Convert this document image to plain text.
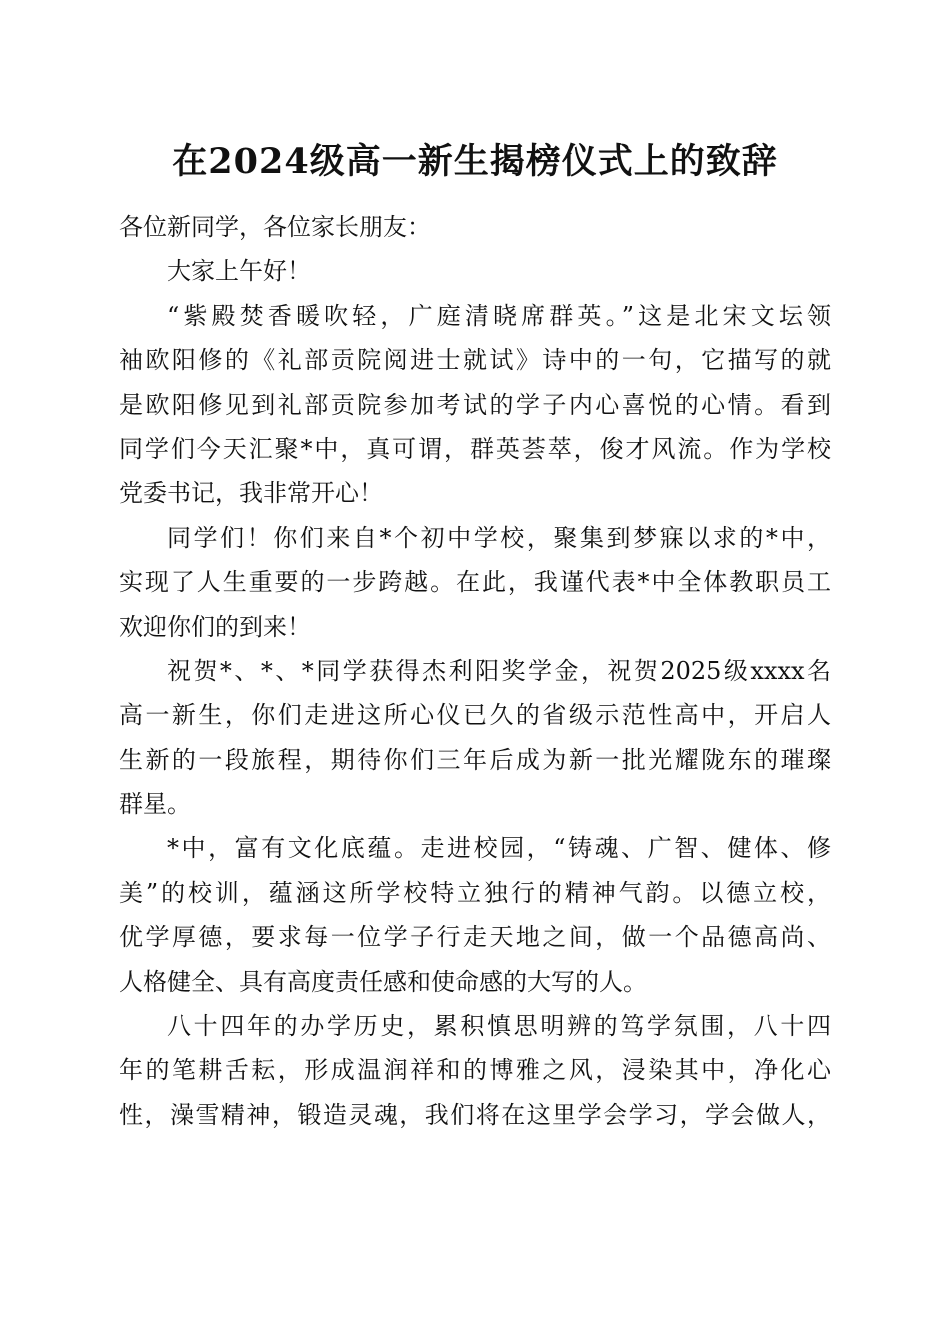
在2024级高一新生揭榜仪式上的致辞
各位新同学，各位家长朋友：
大家上午好！
“紫殿焚香暖吹轻，广庭清晓席群英。”这是北宋文坛领
袖欧阳修的《礼部贡院阅进士就试》诗中的一句，它描写的就
是欧阳修见到礼部贡院参加考试的学子内心喜悦的心情。看到
同学们今天汇聚*中，真可谓，群英荟萃，俊才风流。作为学校
党委书记，我非常开心！
同学们！你们来自*个初中学校，聚集到梦寐以求的*中，
实现了人生重要的一步跨越。在此，我谨代表*中全体教职员工
欢迎你们的到来！
祝贺*、*、*同学获得杰利阳奖学金，祝贺2025级xxxx名
高一新生，你们走进这所心仪已久的省级示范性高中，开启人
生新的一段旅程，期待你们三年后成为新一批光耀陇东的璀璨
群星。
*中，富有文化底蕴。走进校园，“铸魂、广智、健体、修
美”的校训，蕴涵这所学校特立独行的精神气韵。以德立校，
优学厚德，要求每一位学子行走天地之间，做一个品德高尚、
人格健全、具有高度责任感和使命感的大写的人。
八十四年的办学历史，累积慎思明辨的笃学氛围，八十四
年的笔耕舌耘，形成温润祥和的博雅之风，浸染其中，净化心
性，澡雪精神，锻造灵魂，我们将在这里学会学习，学会做人，
